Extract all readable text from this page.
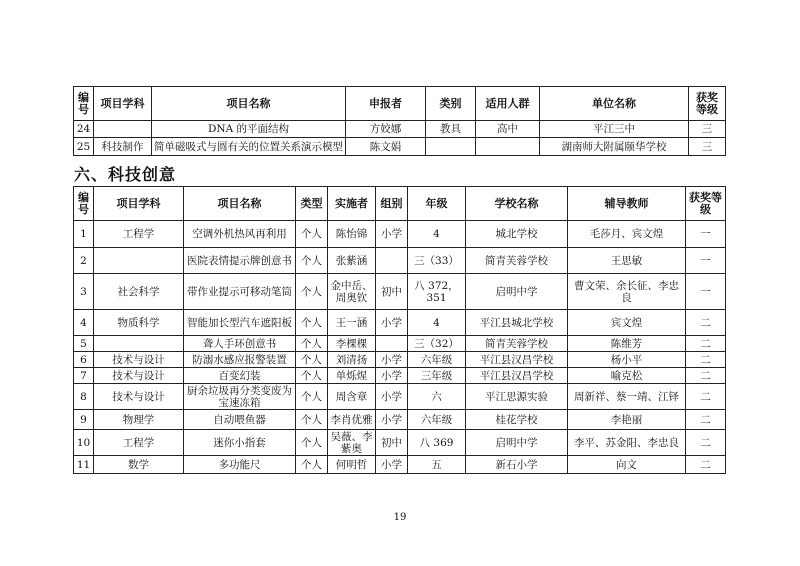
编号	项目学科	项目名称	申报者	类别	适用人群	单位名称	获奖等级
24		DNA 的平面结构	方姣娜	教具	高中	平江三中	三
25	科技制作	简单磁吸式与圆有关的位置关系演示模型	陈文娟			湖南师大附属颐华学校	三
六、科技创意
编号	项目学科	项目名称	类型	实施者	组别	年级	学校名称	辅导教师	获奖等级
1	工程学	空调外机热风再利用	个人	陈怡锦	小学	4	城北学校	毛莎月、宾文煌	一
2		医院表情提示牌创意书	个人	张紫涵		三（33）	简青芙蓉学校	王思敏	一
3	社会科学	带作业提示可移动笔筒	个人	金中岳、周奥钦	初中	八 372，351	启明中学	曹文荣、余长征、李忠良	一
4	物质科学	智能加长型汽车遮阳板	个人	王一涵	小学	4	平江县城北学校	宾文煌	二
5		聋人手环创意书	个人	李棵棵		三（32）	简青芙蓉学校	陈维芳	二
6	技术与设计	防溺水感应报警装置	个人	刘清扬	小学	六年级	平江县汉昌学校	杨小平	二
7	技术与设计	百变幻装	个人	单烁煋	小学	三年级	平江县汉昌学校	喻克松	二
8	技术与设计	厨余垃圾再分类变废为宝速冻箱	个人	周含章	小学	六	平江思源实验	周新祥、蔡一靖、江铎	二
9	物理学	自动喂鱼器	个人	李肖优雅	小学	六年级	桂花学校	李艳丽	二
10	工程学	迷你小指套	个人	吴薇、李紫奥	初中	八 369	启明中学	李平、苏金阳、李忠良	二
11	数学	多功能尺	个人	何明哲	小学	五	新石小学	向文	二
19
